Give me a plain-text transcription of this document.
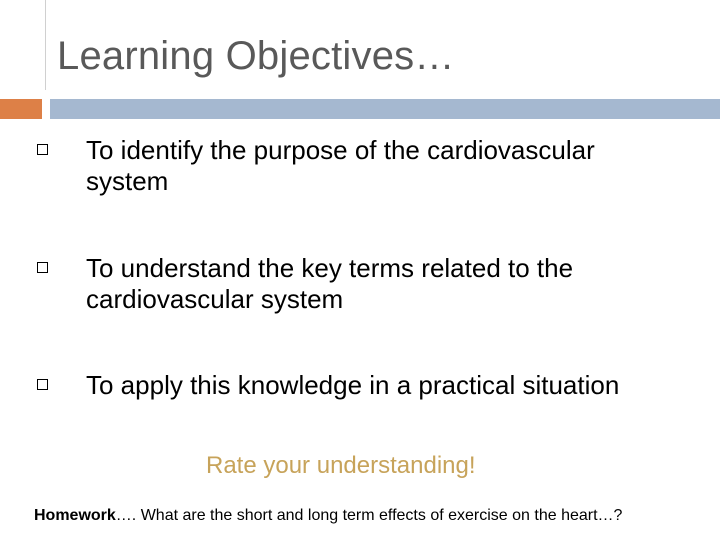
Learning Objectives…
To identify the purpose of the cardiovascular system
To understand the key terms related to the cardiovascular system
To apply this knowledge in a practical situation
Rate your understanding!
Homework…. What are the short and long term effects of exercise on the heart…?
